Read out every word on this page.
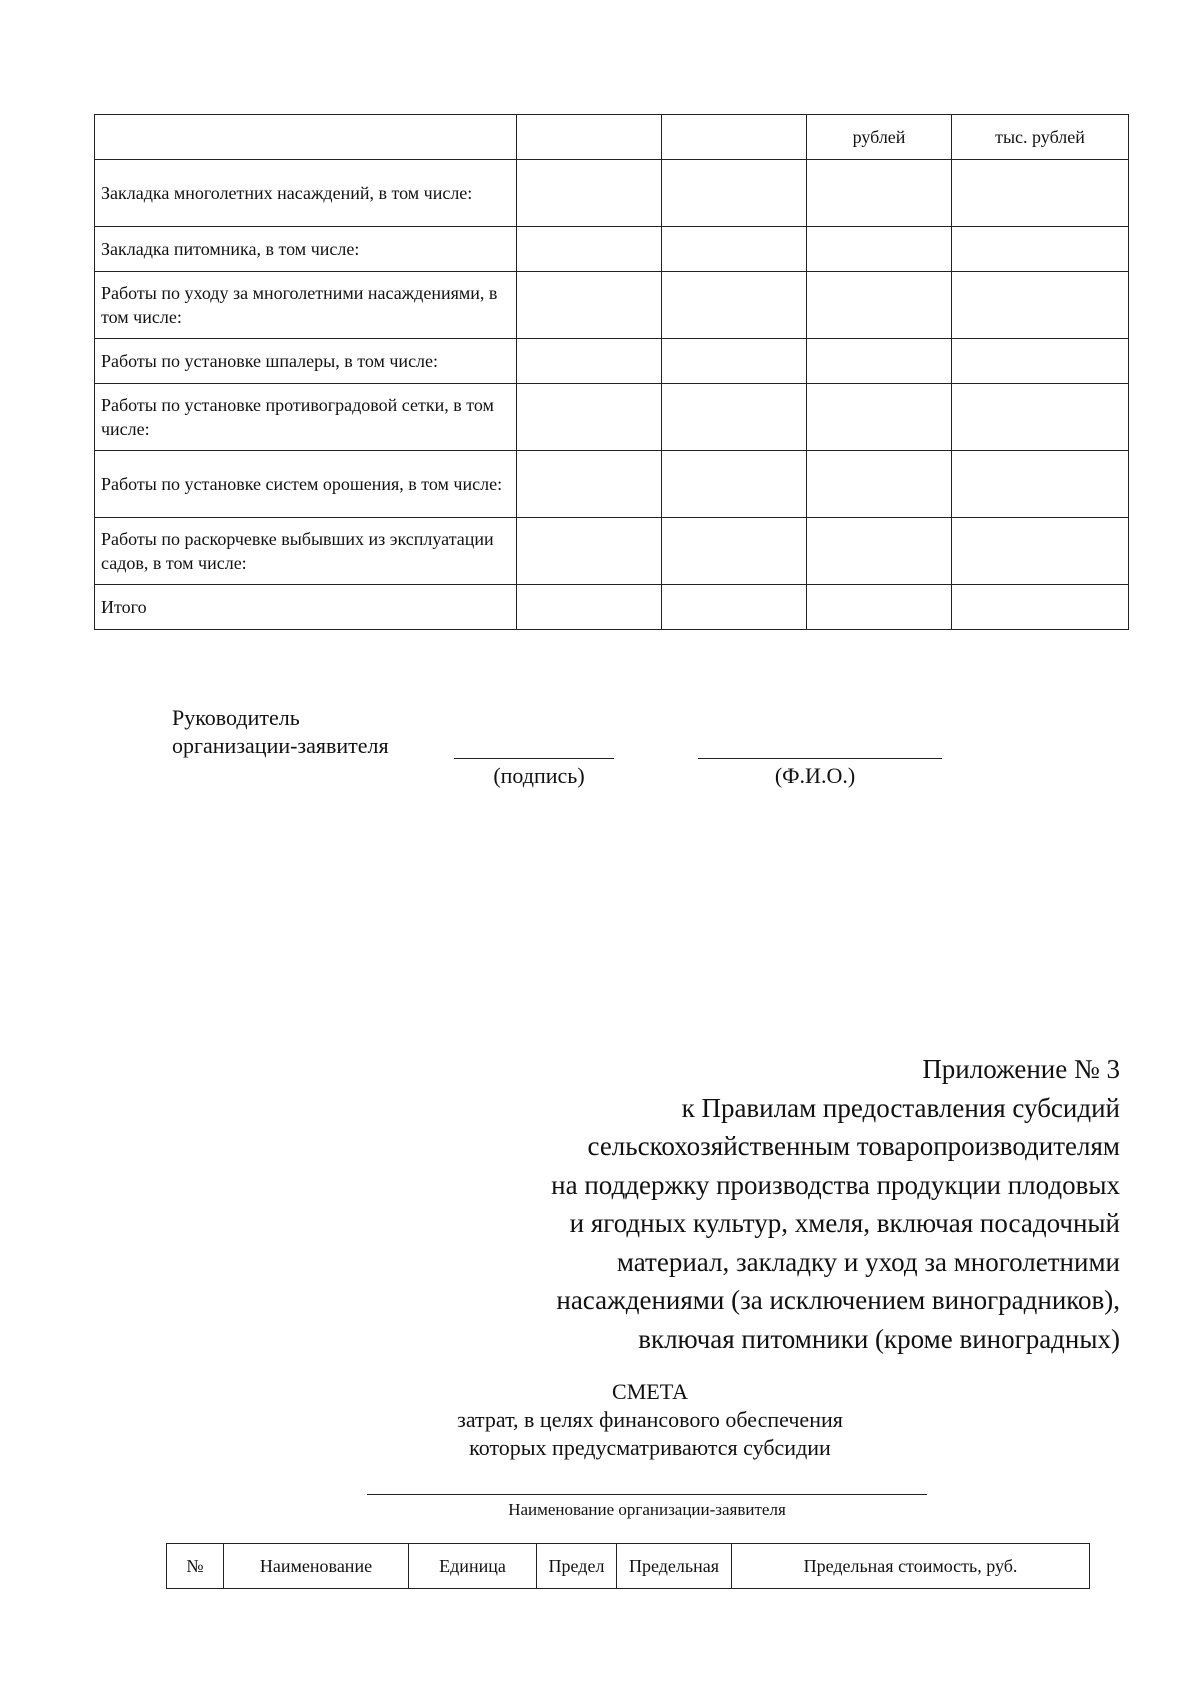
			рублей	тыс. рублей
Закладка многолетних насаждений, в том числе:				
Закладка питомника, в том числе:				
Работы по уходу за многолетними насаждениями, в том числе:				
Работы по установке шпалеры, в том числе:				
Работы по установке противоградовой сетки, в том числе:				
Работы по установке систем орошения, в том числе:				
Работы по раскорчевке выбывших из эксплуатации садов, в том числе:				
Итого				
Руководитель
организации-заявителя
(подпись)	(Ф.И.О.)
Приложение № 3
к Правилам предоставления субсидий
сельскохозяйственным товаропроизводителям
на поддержку производства продукции плодовых
и ягодных культур, хмеля, включая посадочный
материал, закладку и уход за многолетними
насаждениями (за исключением виноградников),
включая питомники (кроме виноградных)
СМЕТА
затрат, в целях финансового обеспечения
которых предусматриваются субсидии
Наименование организации-заявителя
№	Наименование	Единица	Предел	Предельная	Предельная стоимость, руб.
